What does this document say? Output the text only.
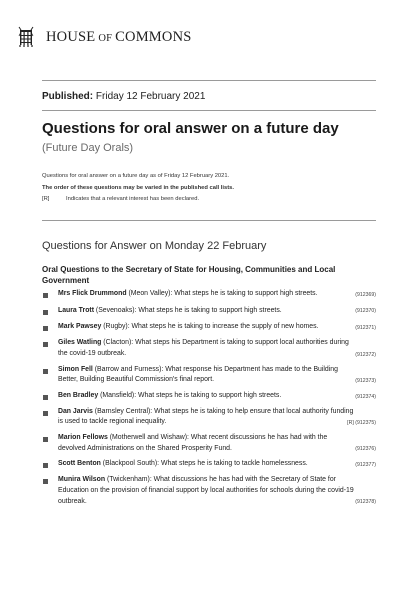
HOUSE OF COMMONS
Published: Friday 12 February 2021
Questions for oral answer on a future day
(Future Day Orals)

Questions for oral answer on a future day as of Friday 12 February 2021.

The order of these questions may be varied in the published call lists.

[R]	Indicates that a relevant interest has been declared.

Questions for Answer on Monday 22 February
Oral Questions to the Secretary of State for Housing, Communities and Local Government
Mrs Flick Drummond (Meon Valley): What steps he is taking to support high streets.	(912369)
Laura Trott (Sevenoaks): What steps he is taking to support high streets.	(912370)
Mark Pawsey (Rugby): What steps he is taking to increase the supply of new homes.	(912371)
Giles Watling (Clacton): What steps his Department is taking to support local authorities during the covid-19 outbreak.	(912372)
Simon Fell (Barrow and Furness): What response his Department has made to the Building Better, Building Beautiful Commission's final report.	(912373)
Ben Bradley (Mansfield): What steps he is taking to support high streets.	(912374)
Dan Jarvis (Barnsley Central): What steps he is taking to help ensure that local authority funding is used to tackle regional inequality.	[R] (912375)
Marion Fellows (Motherwell and Wishaw): What recent discussions he has had with the devolved Administrations on the Shared Prosperity Fund.	(912376)
Scott Benton (Blackpool South): What steps he is taking to tackle homelessness.	(912377)
Munira Wilson (Twickenham): What discussions he has had with the Secretary of State for Education on the provision of financial support by local authorities for schools during the covid-19 outbreak.	(912378)
